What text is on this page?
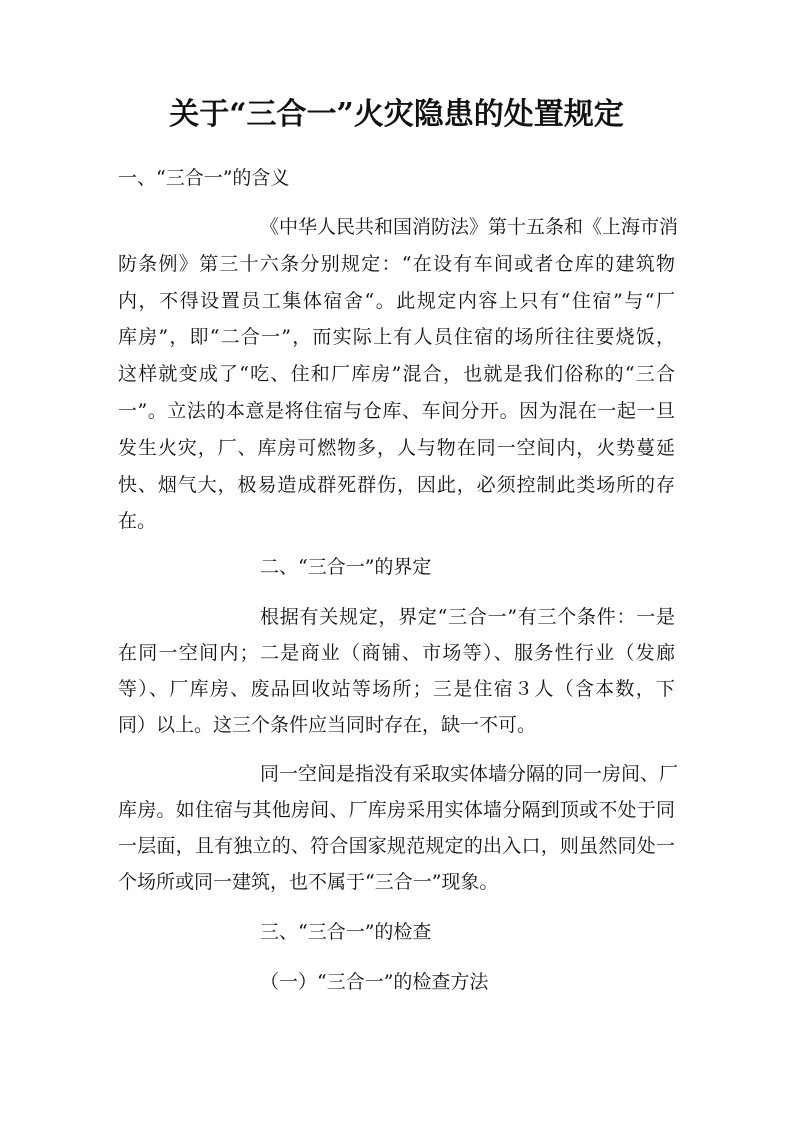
关于“三合一”火灾隐患的处置规定
一、“三合一”的含义
《中华人民共和国消防法》第十五条和《上海市消
防条例》第三十六条分别规定：“在设有车间或者仓库的建筑物
内，不得设置员工集体宿舍“。此规定内容上只有“住宿”与“厂
库房”，即“二合一”，而实际上有人员住宿的场所往往要烧饭，
这样就变成了“吃、住和厂库房”混合，也就是我们俗称的“三合
一”。立法的本意是将住宿与仓库、车间分开。因为混在一起一旦
发生火灾，厂、库房可燃物多，人与物在同一空间内，火势蔓延
快、烟气大，极易造成群死群伤，因此，必须控制此类场所的存
在。
二、“三合一”的界定
根据有关规定，界定“三合一”有三个条件：一是
在同一空间内；二是商业（商铺、市场等）、服务性行业（发廊
等）、厂库房、废品回收站等场所；三是住宿３人（含本数，下
同）以上。这三个条件应当同时存在，缺一不可。
同一空间是指没有采取实体墙分隔的同一房间、厂
库房。如住宿与其他房间、厂库房采用实体墙分隔到顶或不处于同
一层面，且有独立的、符合国家规范规定的出入口，则虽然同处一
个场所或同一建筑，也不属于“三合一”现象。
三、“三合一”的检查
（一）“三合一”的检查方法
